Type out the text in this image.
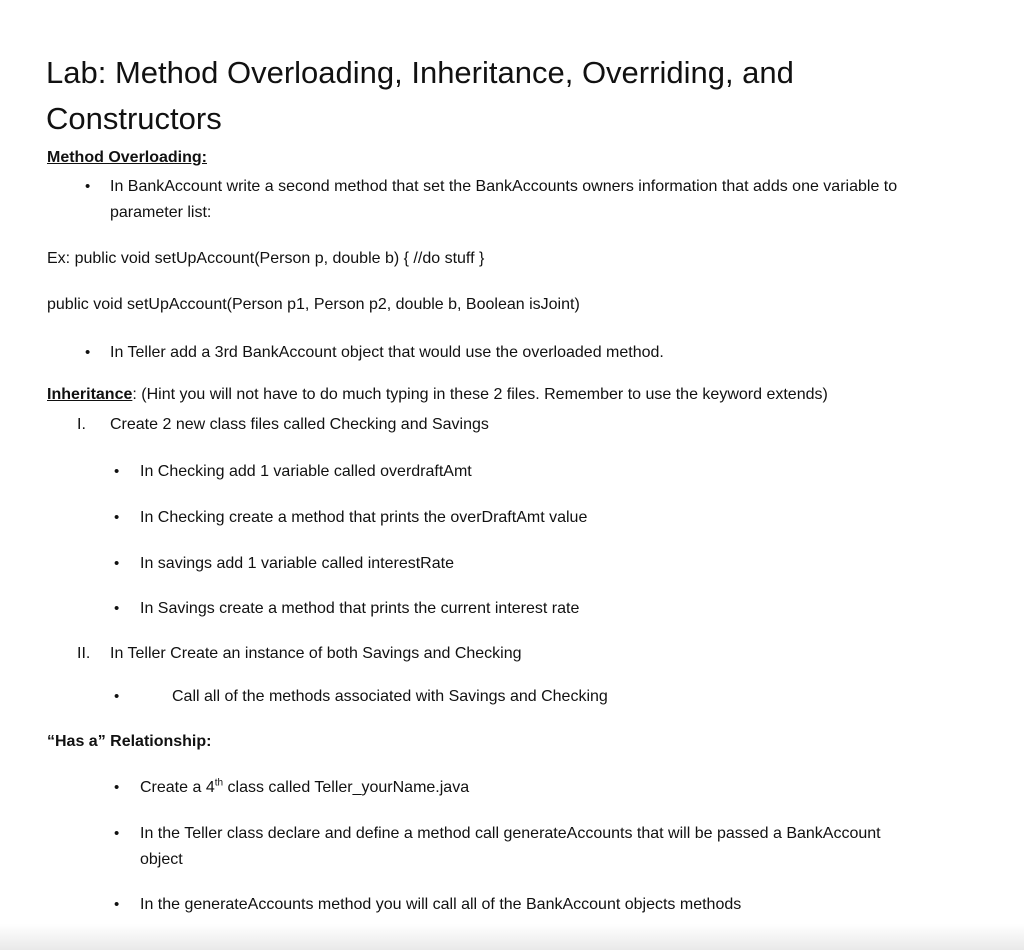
Lab: Method Overloading, Inheritance, Overriding, and
Constructors
Method Overloading:
• In BankAccount write a second method that set the BankAccounts owners information that adds one variable to
parameter list:
Ex: public void setUpAccount(Person p, double b) { //do stuff }
public void setUpAccount(Person p1, Person p2, double b, Boolean isJoint)
• In Teller add a 3rd BankAccount object that would use the overloaded method.
Inheritance: (Hint you will not have to do much typing in these 2 files. Remember to use the keyword extends)
I. Create 2 new class files called Checking and Savings
• In Checking add 1 variable called overdraftAmt
• In Checking create a method that prints the overDraftAmt value
• In savings add 1 variable called interestRate
• In Savings create a method that prints the current interest rate
II. In Teller Create an instance of both Savings and Checking
•	Call all of the methods associated with Savings and Checking
“Has a” Relationship:
• Create a 4th class called Teller_yourName.java
• In the Teller class declare and define a method call generateAccounts that will be passed a BankAccount
object
• In the generateAccounts method you will call all of the BankAccount objects methods
